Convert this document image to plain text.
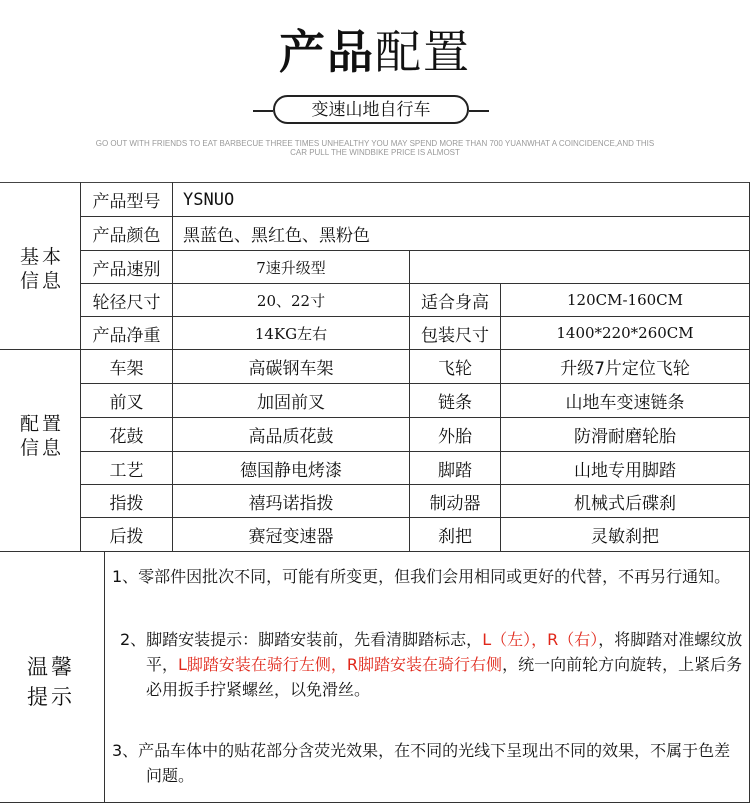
产品配置
变速山地自行车
GO OUT WITH FRIENDS TO EAT BARBECUE THREE TIMES UNHEALTHY YOU MAY SPEND MORE THAN 700 YUANWHAT A COINCIDENCE,AND THIS CAR PULL THE WINDBIKE PRICE IS ALMOST
基本
信息
配置
信息
温馨
提示
产品型号	YSNUO
产品颜色	黑蓝色、黑红色、黑粉色
产品速别	7速升级型
轮径尺寸	20、22寸	适合身高	120CM-160CM
产品净重	14KG左右	包装尺寸	1400*220*260CM
车架	高碳钢车架	飞轮	升级7片定位飞轮
前叉	加固前叉	链条	山地车变速链条
花鼓	高品质花鼓	外胎	防滑耐磨轮胎
工艺	德国静电烤漆	脚踏	山地专用脚踏
指拨	禧玛诺指拨	制动器	机械式后碟刹
后拨	赛冠变速器	刹把	灵敏刹把
1、零部件因批次不同，可能有所变更，但我们会用相同或更好的代替，不再另行通知。
2、脚踏安装提示：脚踏安装前，先看清脚踏标志，L（左），R（右），将脚踏对准螺纹放平，L脚踏安装在骑行左侧，R脚踏安装在骑行右侧，统一向前轮方向旋转，上紧后务必用扳手拧紧螺丝，以免滑丝。
3、产品车体中的贴花部分含荧光效果，在不同的光线下呈现出不同的效果，不属于色差问题。
